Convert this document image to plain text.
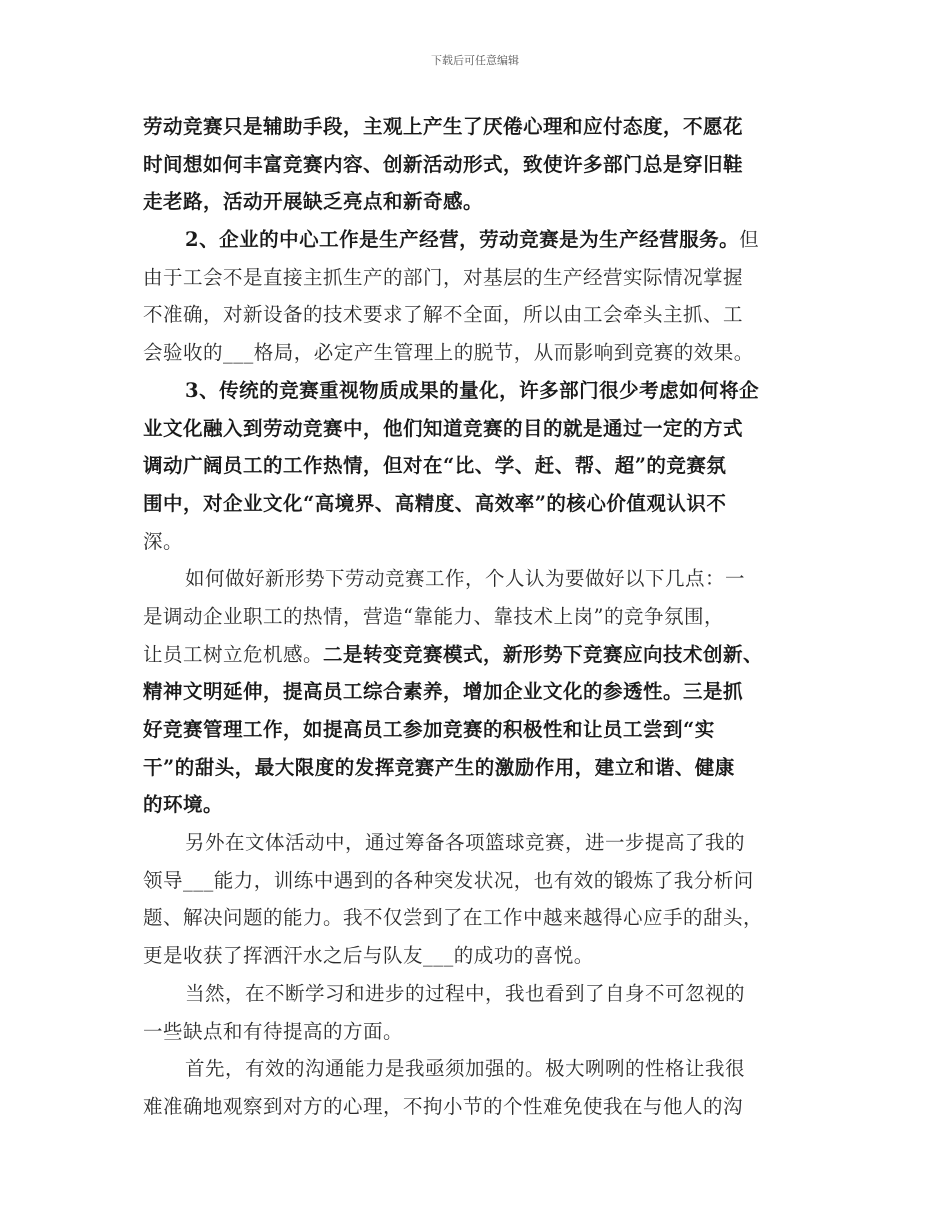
下载后可任意编辑
劳动竞赛只是辅助手段，主观上产生了厌倦心理和应付态度，不愿花
时间想如何丰富竞赛内容、创新活动形式，致使许多部门总是穿旧鞋
走老路，活动开展缺乏亮点和新奇感。
2、企业的中心工作是生产经营，劳动竞赛是为生产经营服务。但
由于工会不是直接主抓生产的部门，对基层的生产经营实际情况掌握
不准确，对新设备的技术要求了解不全面，所以由工会牵头主抓、工
会验收的___格局，必定产生管理上的脱节，从而影响到竞赛的效果。
3、传统的竞赛重视物质成果的量化，许多部门很少考虑如何将企
业文化融入到劳动竞赛中，他们知道竞赛的目的就是通过一定的方式
调动广阔员工的工作热情，但对在“比、学、赶、帮、超”的竞赛氛
围中，对企业文化“高境界、高精度、高效率”的核心价值观认识不
深。
如何做好新形势下劳动竞赛工作，个人认为要做好以下几点：一
是调动企业职工的热情，营造“靠能力、靠技术上岗”的竞争氛围，
让员工树立危机感。二是转变竞赛模式，新形势下竞赛应向技术创新、
精神文明延伸，提高员工综合素养，增加企业文化的参透性。三是抓
好竞赛管理工作，如提高员工参加竞赛的积极性和让员工尝到“实
干”的甜头，最大限度的发挥竞赛产生的激励作用，建立和谐、健康
的环境。
另外在文体活动中，通过筹备各项篮球竞赛，进一步提高了我的
领导___能力，训练中遇到的各种突发状况，也有效的锻炼了我分析问
题、解决问题的能力。我不仅尝到了在工作中越来越得心应手的甜头，
更是收获了挥洒汗水之后与队友___的成功的喜悦。
当然，在不断学习和进步的过程中，我也看到了自身不可忽视的
一些缺点和有待提高的方面。
首先，有效的沟通能力是我亟须加强的。极大咧咧的性格让我很
难准确地观察到对方的心理，不拘小节的个性难免使我在与他人的沟
